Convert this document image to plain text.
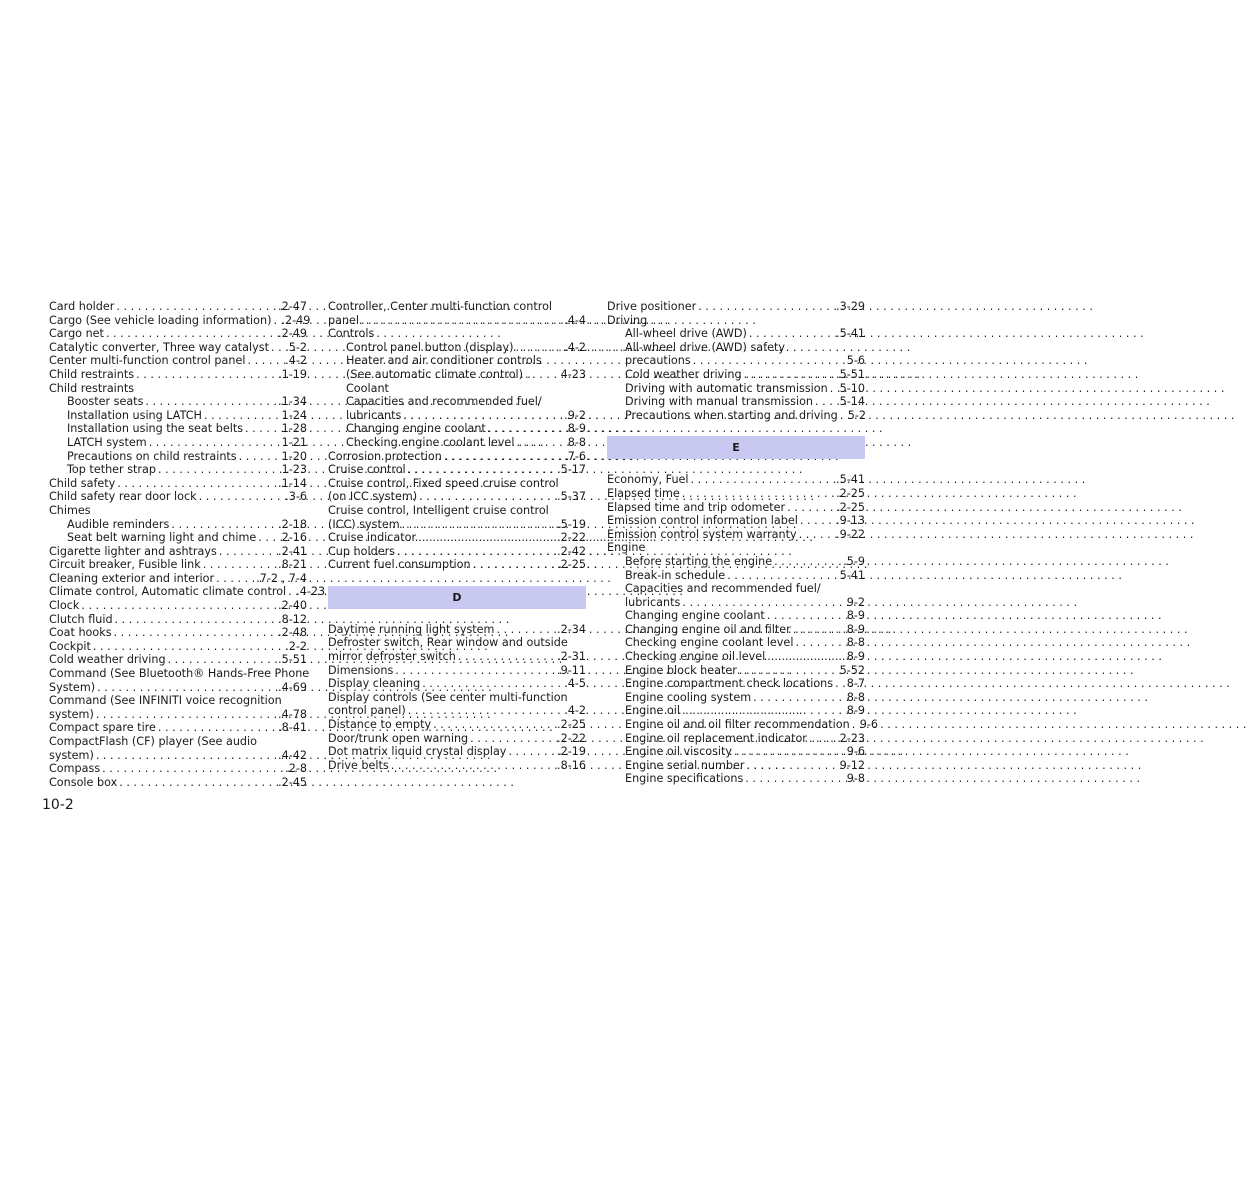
Card holder . . .	.2-47
Cargo (See vehicle loading information) . . . .2-49
Cargo net . . .	.2-49
Catalytic converter, Three way catalyst . . . .5-2
Center multi-function control panel . . .	.4-2
Child restraints . . .	.1-19
Child restraints
Booster seats . . .	.1-34
Installation using LATCH . . .	1-24
Installation using the seat belts . . .	1-28
LATCH system . . .	1-21
Precautions on child restraints . . .	1-20
Top tether strap . . .	1-23
Child safety . . .	.1-14
Child safety rear door lock . . .	.3-6
Chimes
Audible reminders . . .	.2-18
Seat belt warning light and chime . . . 2-16
Cigarette lighter and ashtrays . . .	.2-41
Circuit breaker, Fusible link . . .	.8-21
Cleaning exterior and interior . . .	.7-2 , 7-4
Climate control, Automatic climate control . . . .4-23
Clock . . .	.2-40
Clutch fluid . . .	.8-12
Coat hooks . . .	.2-48
Cockpit . . .	.2-2
Cold weather driving . . .	.5-51
Command (See Bluetooth® Hands-Free Phone
System) . . .	.4-69
Command (See INFINITI voice recognition
system) . . .	.4-78
Compact spare tire . . .	.8-41
CompactFlash (CF) player (See audio
system) . . .	.4-42
Compass . . .	.2-8
Console box . . .	.2-45
Controller, Center multi-function control
panel . . .	.4-4
Controls
Control panel button (display) . . .	.4-2
Heater and air conditioner controls
(See automatic climate control) . . .	4-23
Coolant
Capacities and recommended fuel/
lubricants . . .	.9-2
Changing engine coolant . . .	8-9
Checking engine coolant level . . .	8-8
Corrosion protection . . .	.7-6
Cruise control . . .	.5-17
Cruise control, Fixed speed cruise control
(on ICC system) . . .	.5-37
Cruise control, Intelligent cruise control
(ICC) system . . .	.5-19
Cruise indicator . . .	.2-22
Cup holders . . .	.2-42
Current fuel consumption . . .	.2-25
D
Daytime running light system . . .	.2-34
Defroster switch, Rear window and outside
mirror defroster switch . . .	.2-31
Dimensions . . .	.9-11
Display cleaning . . .	.4-5
Display controls (See center multi-function
control panel) . . .	.4-2
Distance to empty . . .	.2-25
Door/trunk open warning . . .	.2-22
Dot matrix liquid crystal display . . .	.2-19
Drive belts . . .	.8-16
Drive positioner . . .	.3-29
Driving
All-wheel drive (AWD) . . .	.5-41
All-wheel drive (AWD) safety
precautions . . .	5-6
Cold weather driving . . .	5-51
Driving with automatic transmission . . . 5-10
Driving with manual transmission . . . 5-14
Precautions when starting and driving . . . 5-2
E
Economy, Fuel . . .	.5-41
Elapsed time . . .	.2-25
Elapsed time and trip odometer . . .	.2-25
Emission control information label . . .	.9-13
Emission control system warranty . . .	.9-22
Engine
Before starting the engine . . .	.5-9
Break-in schedule . . .	5-41
Capacities and recommended fuel/
lubricants . . .	9-2
Changing engine coolant . . .	8-9
Changing engine oil and filter . . .	8-9
Checking engine coolant level . . .	8-8
Checking engine oil level . . .	8-9
Engine block heater . . .	5-52
Engine compartment check locations . . . 8-7
Engine cooling system . . .	8-8
Engine oil . . .	8-9
Engine oil and oil filter recommendation . . . 9-6
Engine oil replacement indicator . . .	2-23
Engine oil viscosity . . .	9-6
Engine serial number . . .	9-12
Engine specifications . . .	9-8
10-2
